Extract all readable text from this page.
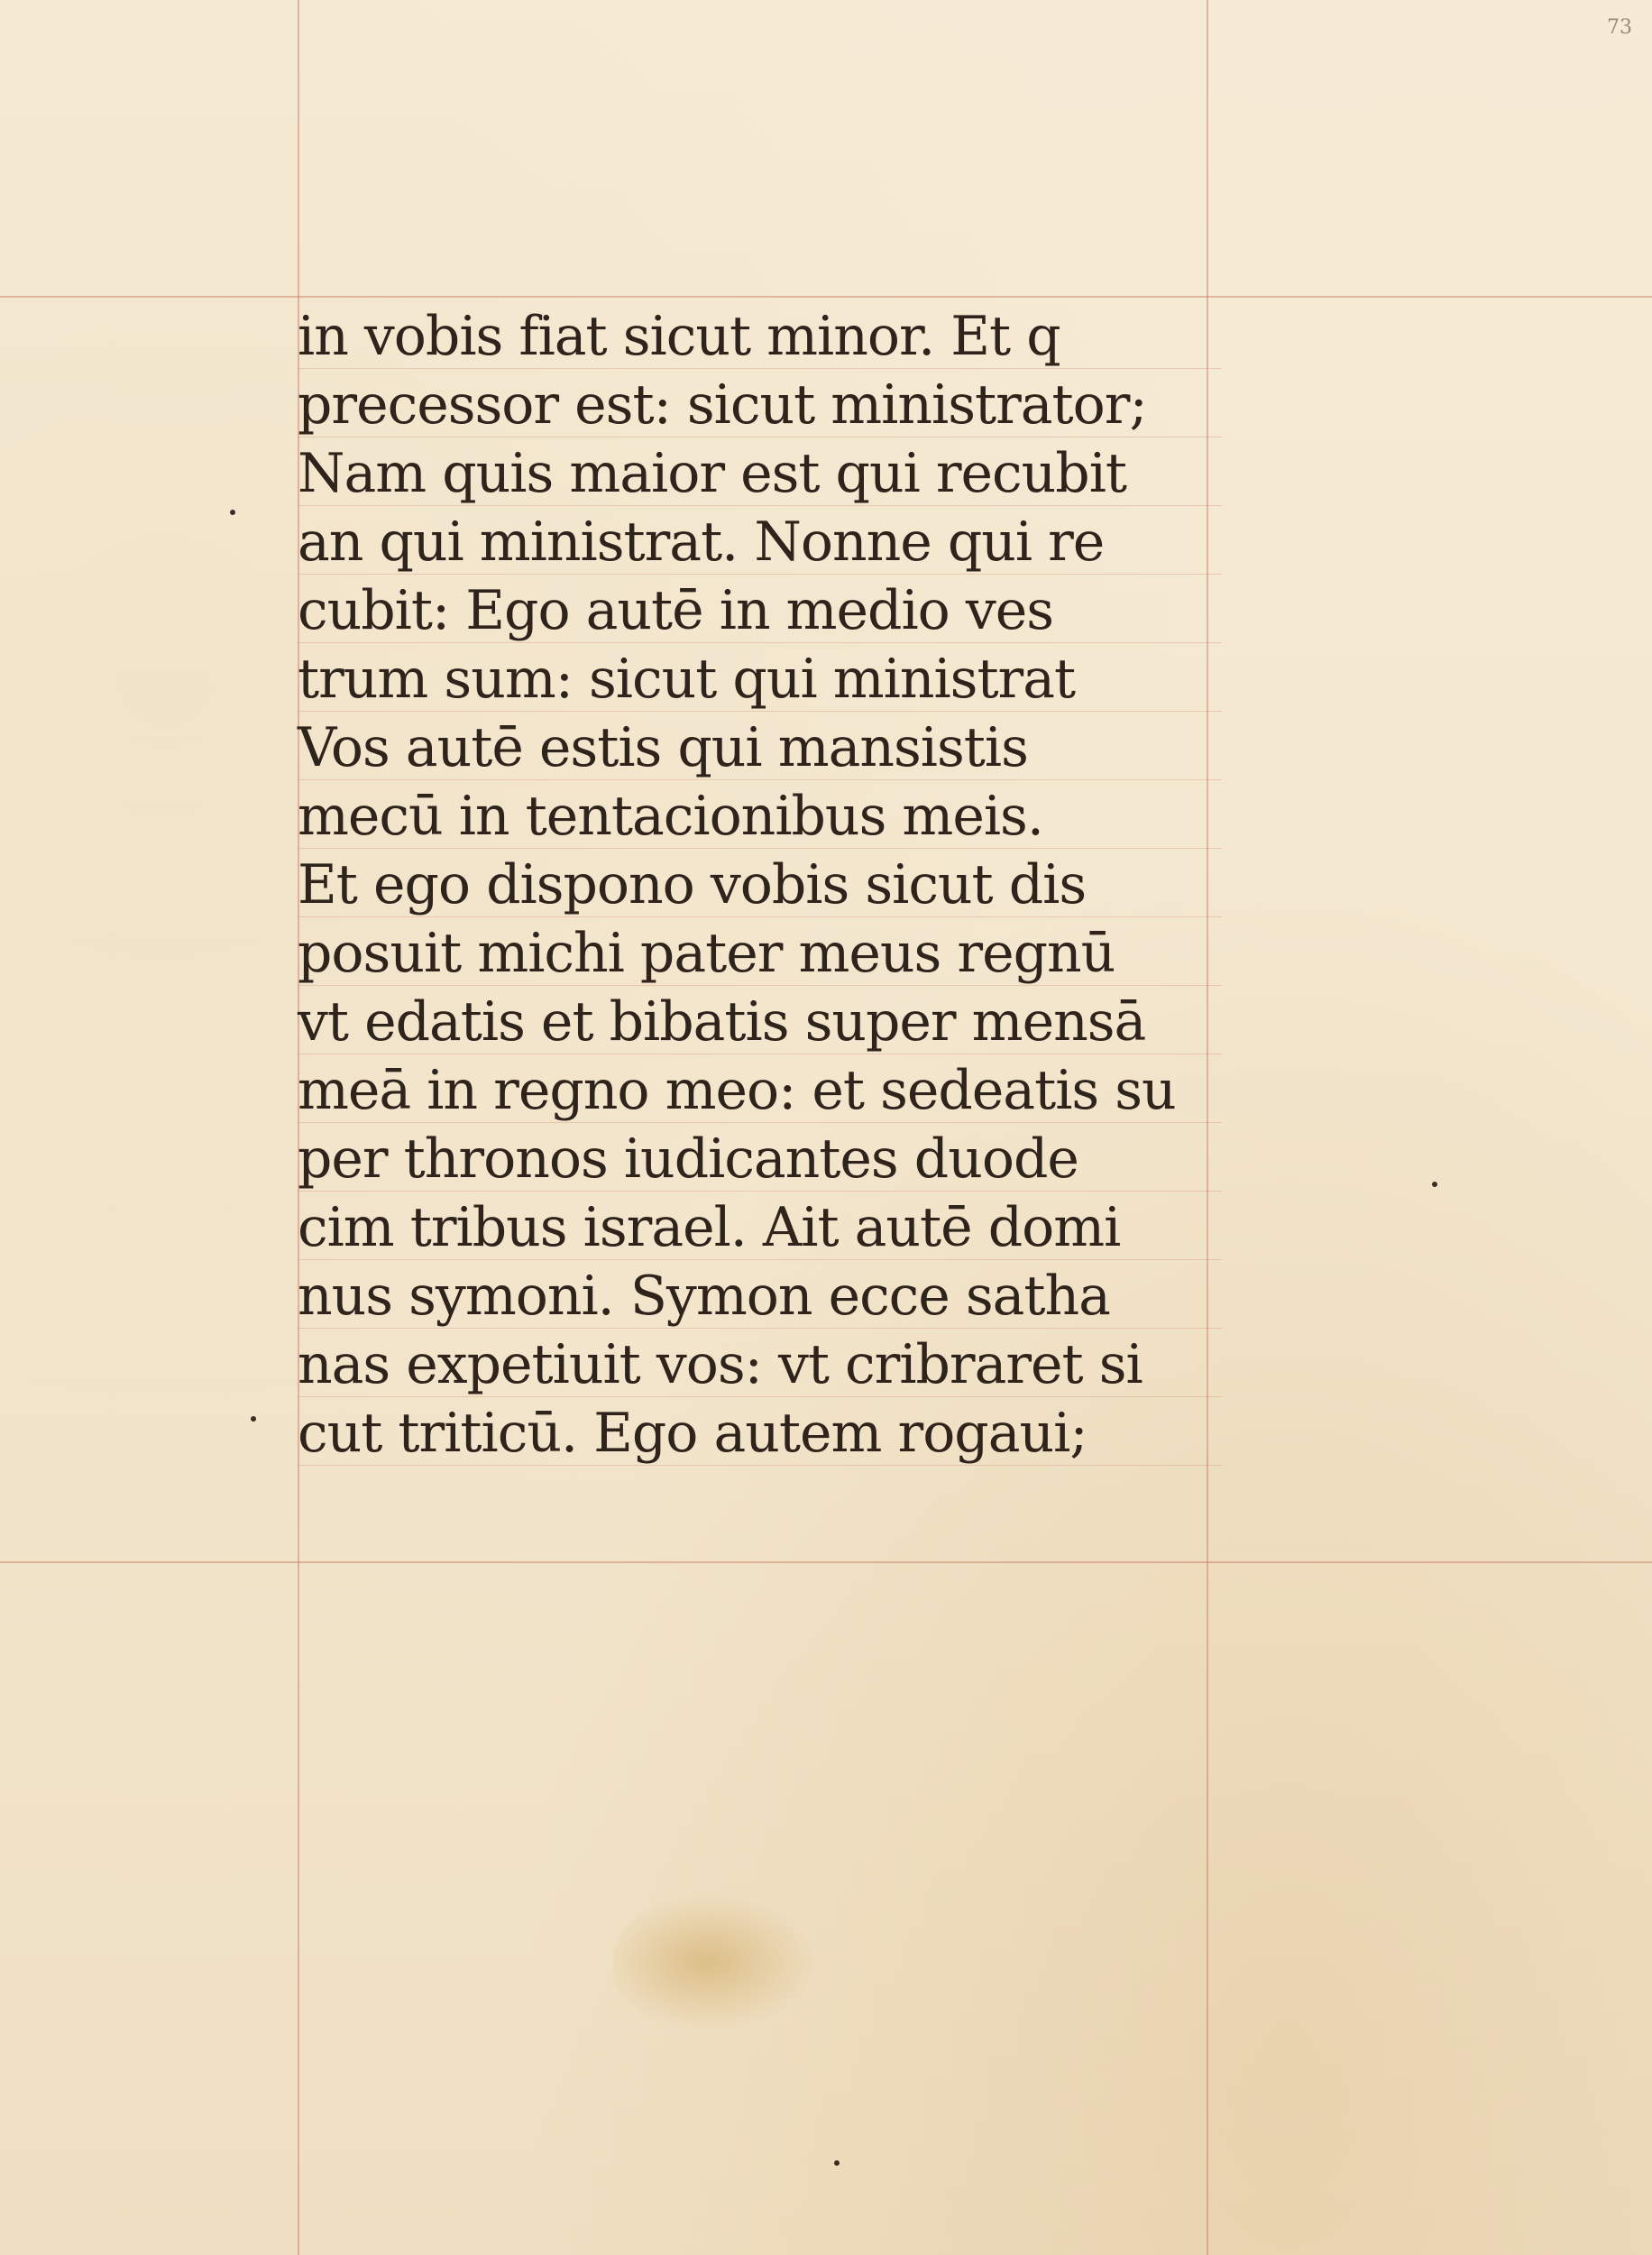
73
in vobis fiat sicut minor. Et q
precessor est: sicut ministrator;
Nam quis maior est qui recubit
an qui ministrat. Nonne qui re
cubit: Ego autē in medio ves
trum sum: sicut qui ministrat
Vos autē estis qui mansistis
mecū in tentacionibus meis.
Et ego dispono vobis sicut dis
posuit michi pater meus regnū
vt edatis et bibatis super mensā
meā in regno meo: et sedeatis su
per thronos iudicantes duode
cim tribus israel. Ait autē domi
nus symoni. Symon ecce satha
nas expetiuit vos: vt cribraret si
cut triticū. Ego autem rogaui;
